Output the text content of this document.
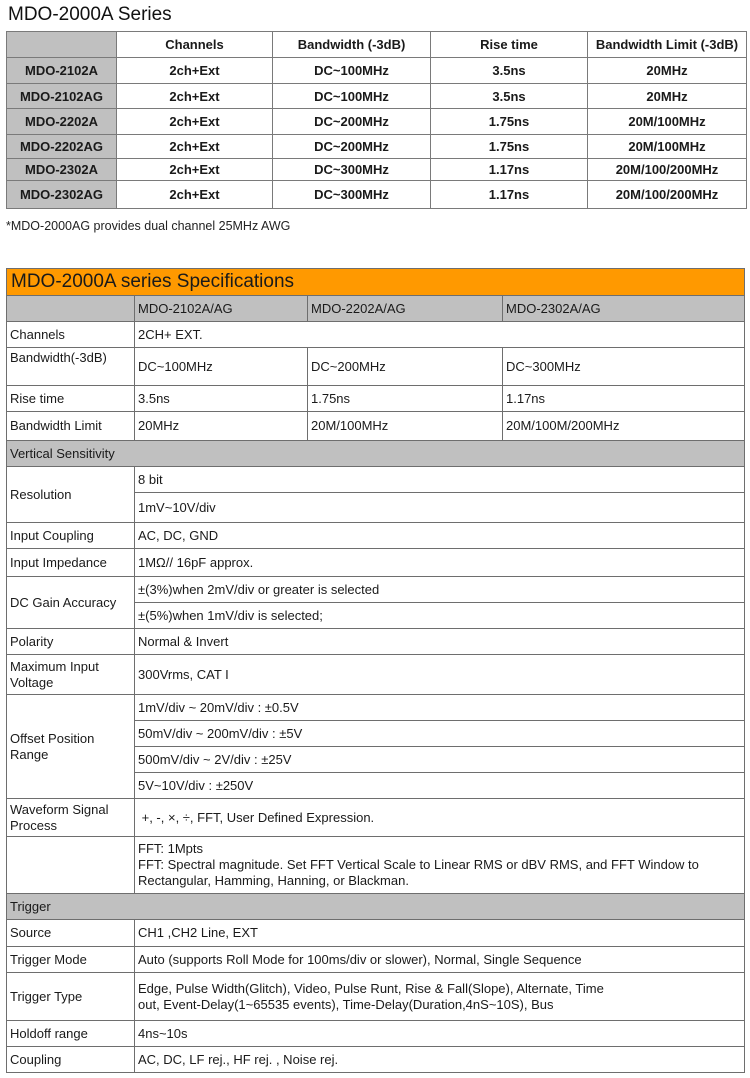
MDO-2000A Series
	Channels	Bandwidth (-3dB)	Rise time	Bandwidth Limit (-3dB)
MDO-2102A	2ch+Ext	DC~100MHz	3.5ns	20MHz
MDO-2102AG	2ch+Ext	DC~100MHz	3.5ns	20MHz
MDO-2202A	2ch+Ext	DC~200MHz	1.75ns	20M/100MHz
MDO-2202AG	2ch+Ext	DC~200MHz	1.75ns	20M/100MHz
MDO-2302A	2ch+Ext	DC~300MHz	1.17ns	20M/100/200MHz
MDO-2302AG	2ch+Ext	DC~300MHz	1.17ns	20M/100/200MHz
*MDO-2000AG provides dual channel 25MHz AWG
MDO-2000A series Specifications			
	MDO-2102A/AG	MDO-2202A/AG	MDO-2302A/AG
Channels	2CH+ EXT.		
Bandwidth(-3dB)	DC~100MHz	DC~200MHz	DC~300MHz
Rise time	3.5ns	1.75ns	1.17ns
Bandwidth Limit	20MHz	20M/100MHz	20M/100M/200MHz
Vertical Sensitivity			
Resolution	8 bit		
	1mV~10V/div		
Input Coupling	AC, DC, GND		
Input Impedance	1MΩ// 16pF approx.		
DC Gain Accuracy	±(3%)when 2mV/div or greater is selected		
	±(5%)when 1mV/div is selected;		
Polarity	Normal & Invert		

Maximum Input
Voltage	300Vrms, CAT I		

Offset Position
Range	1mV/div ~ 20mV/div : ±0.5V		
	50mV/div ~ 200mV/div : ±5V		
	500mV/div ~ 2V/div : ±25V		
	5V~10V/div : ±250V		

Waveform Signal
Process	+, -, ×, ÷, FFT, User Defined Expression.		

	FFT: 1Mpts
FFT: Spectral magnitude. Set FFT Vertical Scale to Linear RMS or dBV RMS, and FFT Window to
Rectangular, Hamming, Hanning, or Blackman.		

Trigger			
Source	CH1 ,CH2 Line, EXT		
Trigger Mode	Auto (supports Roll Mode for 100ms/div or slower), Normal, Single Sequence		
Trigger Type	Edge, Pulse Width(Glitch), Video, Pulse Runt, Rise & Fall(Slope), Alternate, Time
out, Event-Delay(1~65535 events), Time-Delay(Duration,4nS~10S), Bus		

Holdoff range	4ns~10s		
Coupling	AC, DC, LF rej., HF rej. , Noise rej.		
